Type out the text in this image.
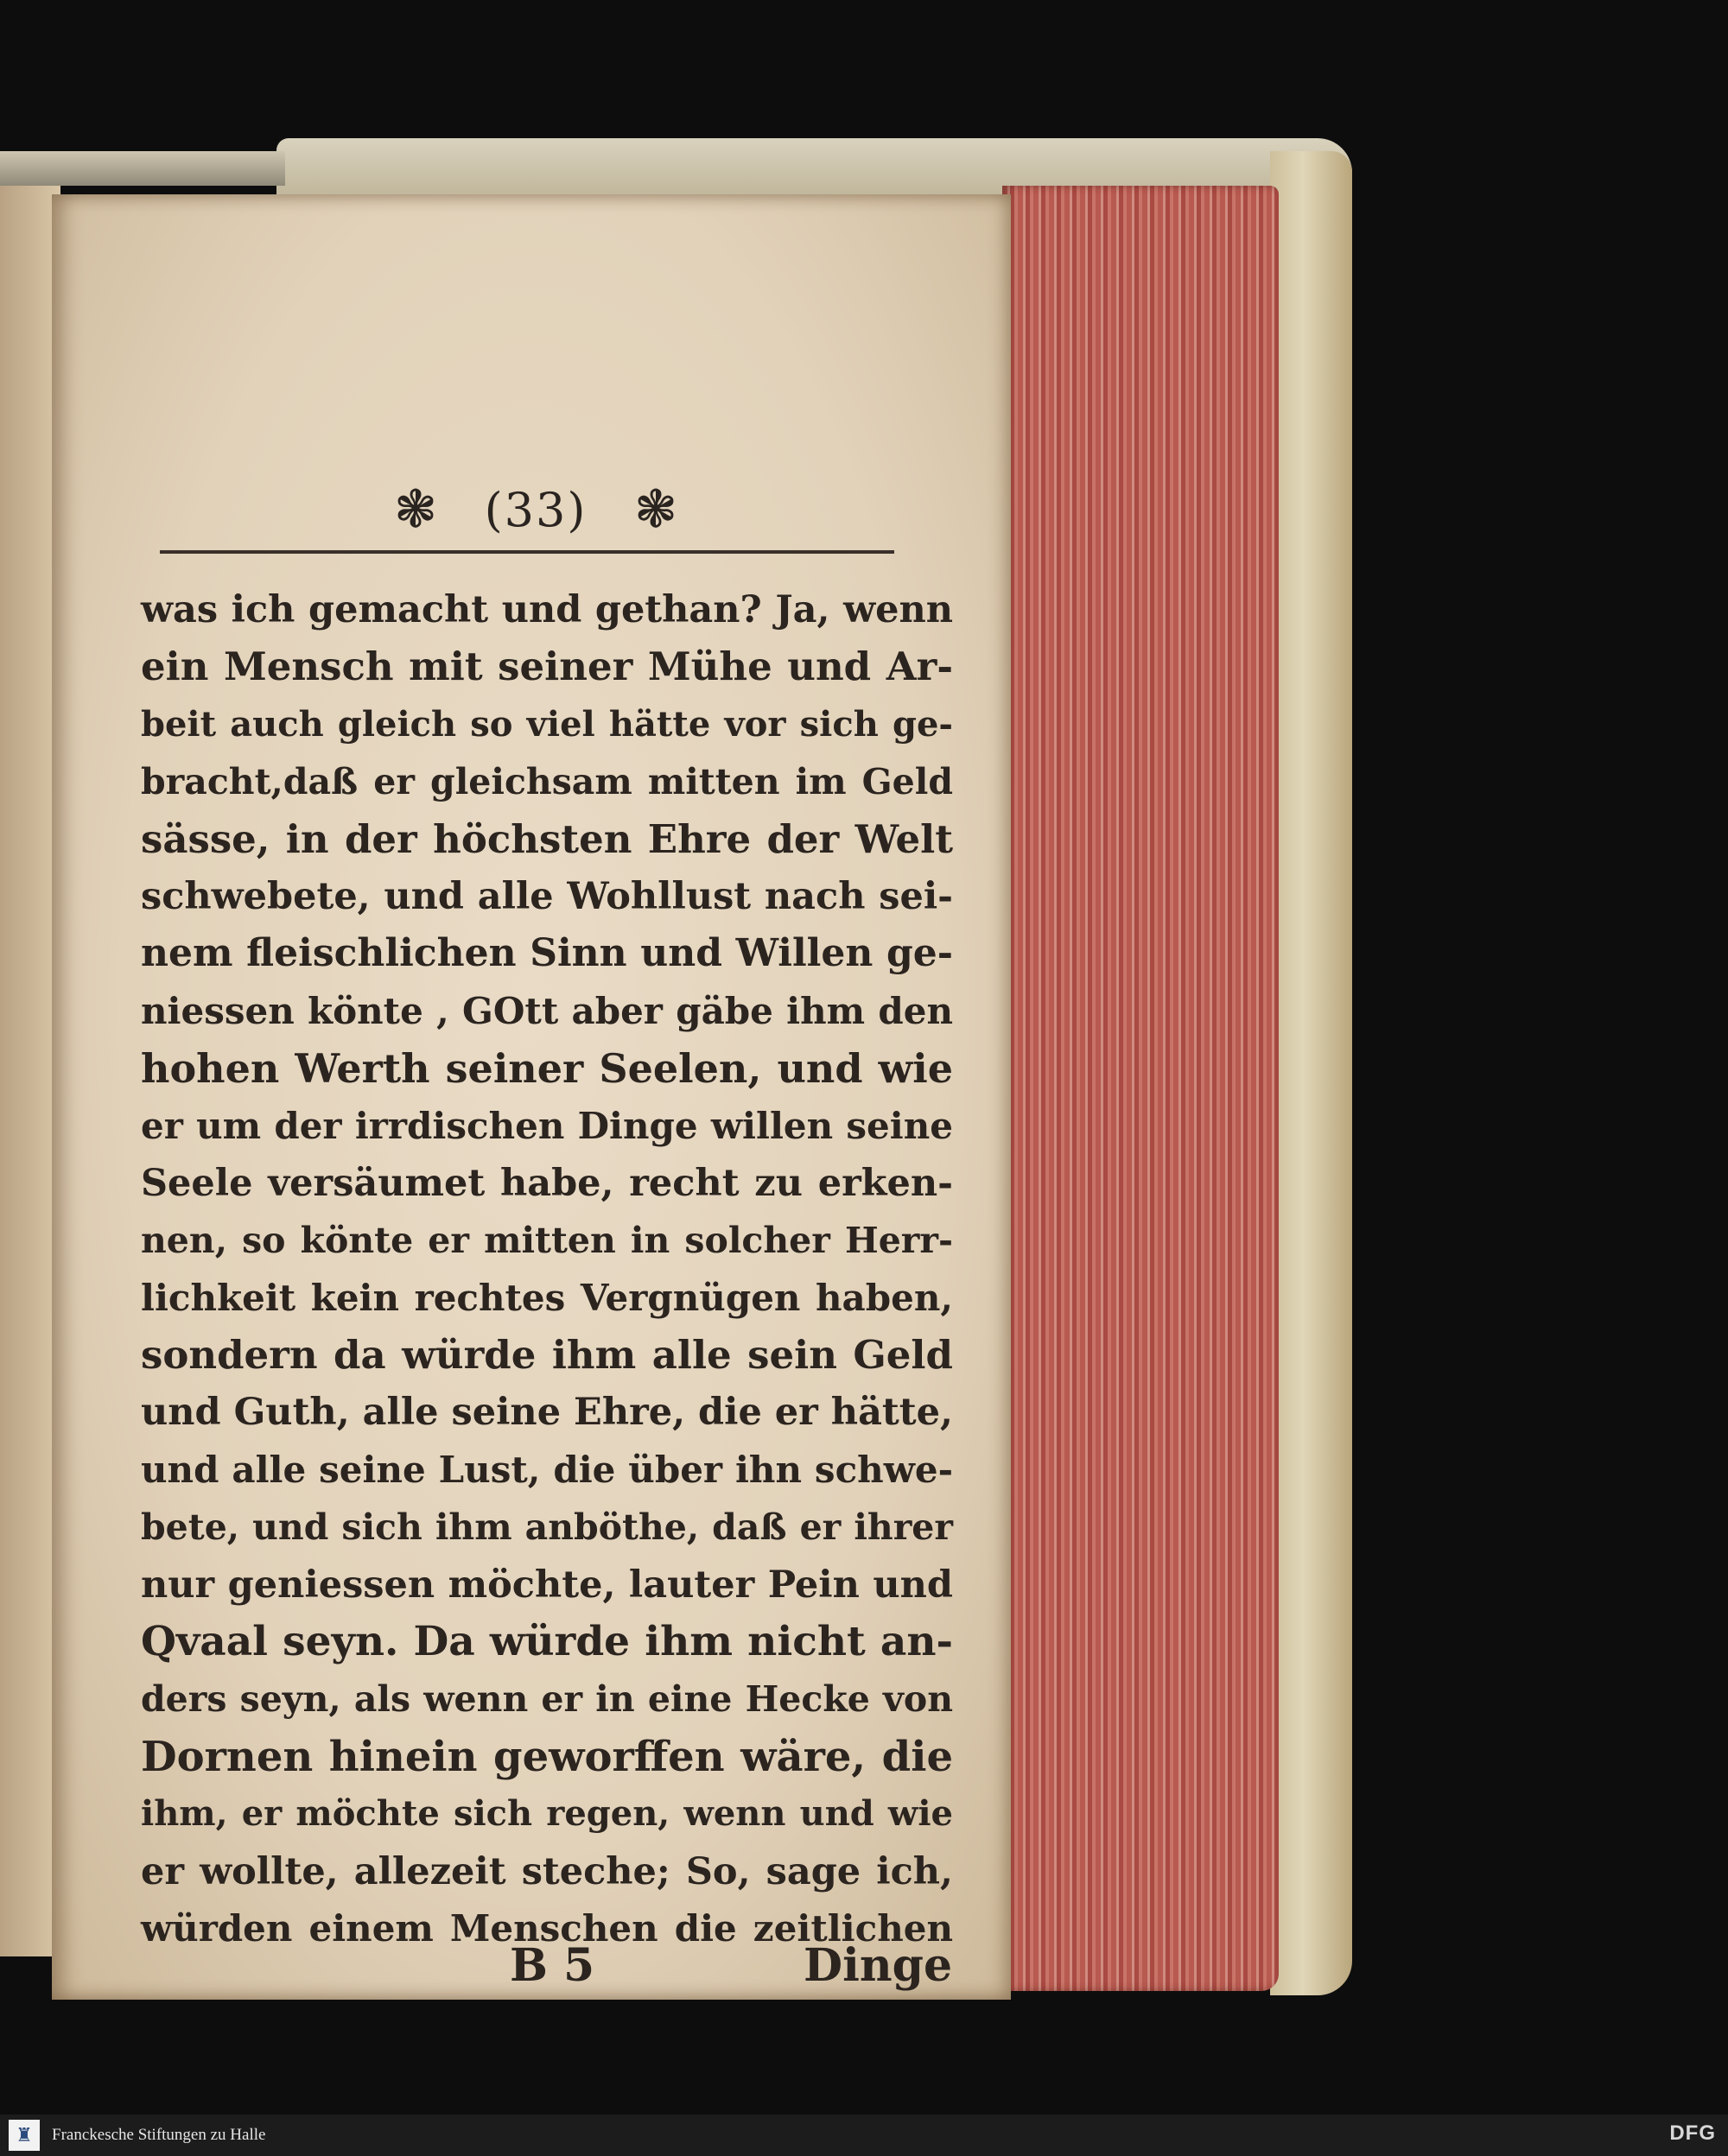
❃ (33) ❃
was ich gemacht und gethan? Ja, wenn
ein Mensch mit seiner Mühe und Ar-
beit auch gleich so viel hätte vor sich ge-
bracht,daß er gleichsam mitten im Geld
sässe, in der höchsten Ehre der Welt
schwebete, und alle Wohllust nach sei-
nem fleischlichen Sinn und Willen ge-
niessen könte , GOtt aber gäbe ihm den
hohen Werth seiner Seelen, und wie
er um der irrdischen Dinge willen seine
Seele versäumet habe, recht zu erken-
nen, so könte er mitten in solcher Herr-
lichkeit kein rechtes Vergnügen haben,
sondern da würde ihm alle sein Geld
und Guth, alle seine Ehre, die er hätte,
und alle seine Lust, die über ihn schwe-
bete, und sich ihm anböthe, daß er ihrer
nur geniessen möchte, lauter Pein und
Qvaal seyn. Da würde ihm nicht an-
ders seyn, als wenn er in eine Hecke von
Dornen hinein geworffen wäre, die
ihm, er möchte sich regen, wenn und wie
er wollte, allezeit steche; So, sage ich,
würden einem Menschen die zeitlichen
B 5	Dinge
♜	Franckesche Stiftungen zu Halle	DFG
